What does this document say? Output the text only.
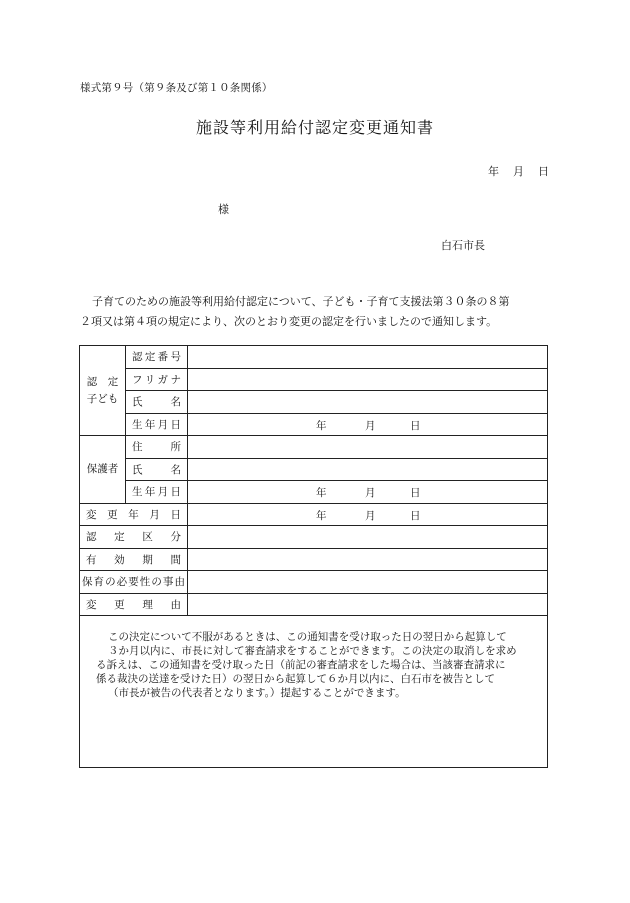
様式第９号（第９条及び第１０条関係）
施設等利用給付認定変更通知書
年	月	日
様
白石市長

子育てのための施設等利用給付認定について、子ども・子育て支援法第３０条の８第

２項又は第４項の規定により、次のとおり変更の認定を行いましたので通知します。
認　定
子ども	認定番号	
	フリガナ	
	氏　名	
	生年月日	年 月 日

保護者	住　所	
	氏　名	
	生年月日	年 月 日

変更年月日		年 月 日

認定区分		
有効期間		
保育の必要性の事由		
変更理由		

この決定について不服があるときは、この通知書を受け取った日の翌日から起算して
３か月以内に、市長に対して審査請求をすることができます。この決定の取消しを求め
る訴えは、この通知書を受け取った日（前記の審査請求をした場合は、当該審査請求に
係る裁決の送達を受けた日）の翌日から起算して６か月以内に、白石市を被告として
（市長が被告の代表者となります。）提起することができます。		
